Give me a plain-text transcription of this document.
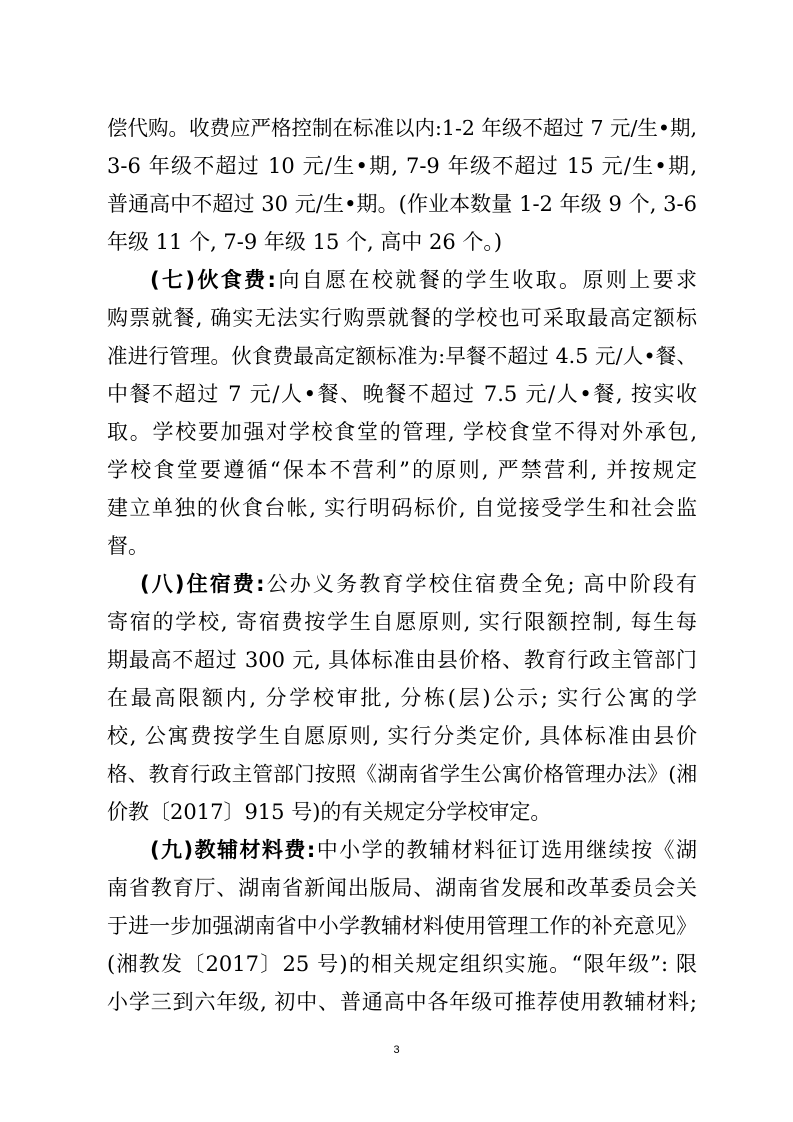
偿代购。收费应严格控制在标准以内:1-2 年级不超过 7 元/生•期,
3-6 年级不超过 10 元/生•期, 7-9 年级不超过 15 元/生•期,
普通高中不超过 30 元/生•期。(作业本数量 1-2 年级 9 个, 3-6
年级 11 个, 7-9 年级 15 个, 高中 26 个。)
(七)伙食费:向自愿在校就餐的学生收取。原则上要求
购票就餐, 确实无法实行购票就餐的学校也可采取最高定额标
准进行管理。伙食费最高定额标准为:早餐不超过 4.5 元/人•餐、
中餐不超过 7 元/人•餐、晚餐不超过 7.5 元/人•餐, 按实收
取。学校要加强对学校食堂的管理, 学校食堂不得对外承包,
学校食堂要遵循“保本不营利”的原则, 严禁营利, 并按规定
建立单独的伙食台帐, 实行明码标价, 自觉接受学生和社会监
督。
(八)住宿费:公办义务教育学校住宿费全免; 高中阶段有
寄宿的学校, 寄宿费按学生自愿原则, 实行限额控制, 每生每
期最高不超过 300 元, 具体标准由县价格、教育行政主管部门
在最高限额内, 分学校审批, 分栋(层)公示; 实行公寓的学
校, 公寓费按学生自愿原则, 实行分类定价, 具体标准由县价
格、教育行政主管部门按照《湖南省学生公寓价格管理办法》(湘
价教〔2017〕915 号)的有关规定分学校审定。
(九)教辅材料费:中小学的教辅材料征订选用继续按《湖
南省教育厅、湖南省新闻出版局、湖南省发展和改革委员会关
于进一步加强湖南省中小学教辅材料使用管理工作的补充意见》
(湘教发〔2017〕25 号)的相关规定组织实施。“限年级”: 限
小学三到六年级, 初中、普通高中各年级可推荐使用教辅材料;
3
